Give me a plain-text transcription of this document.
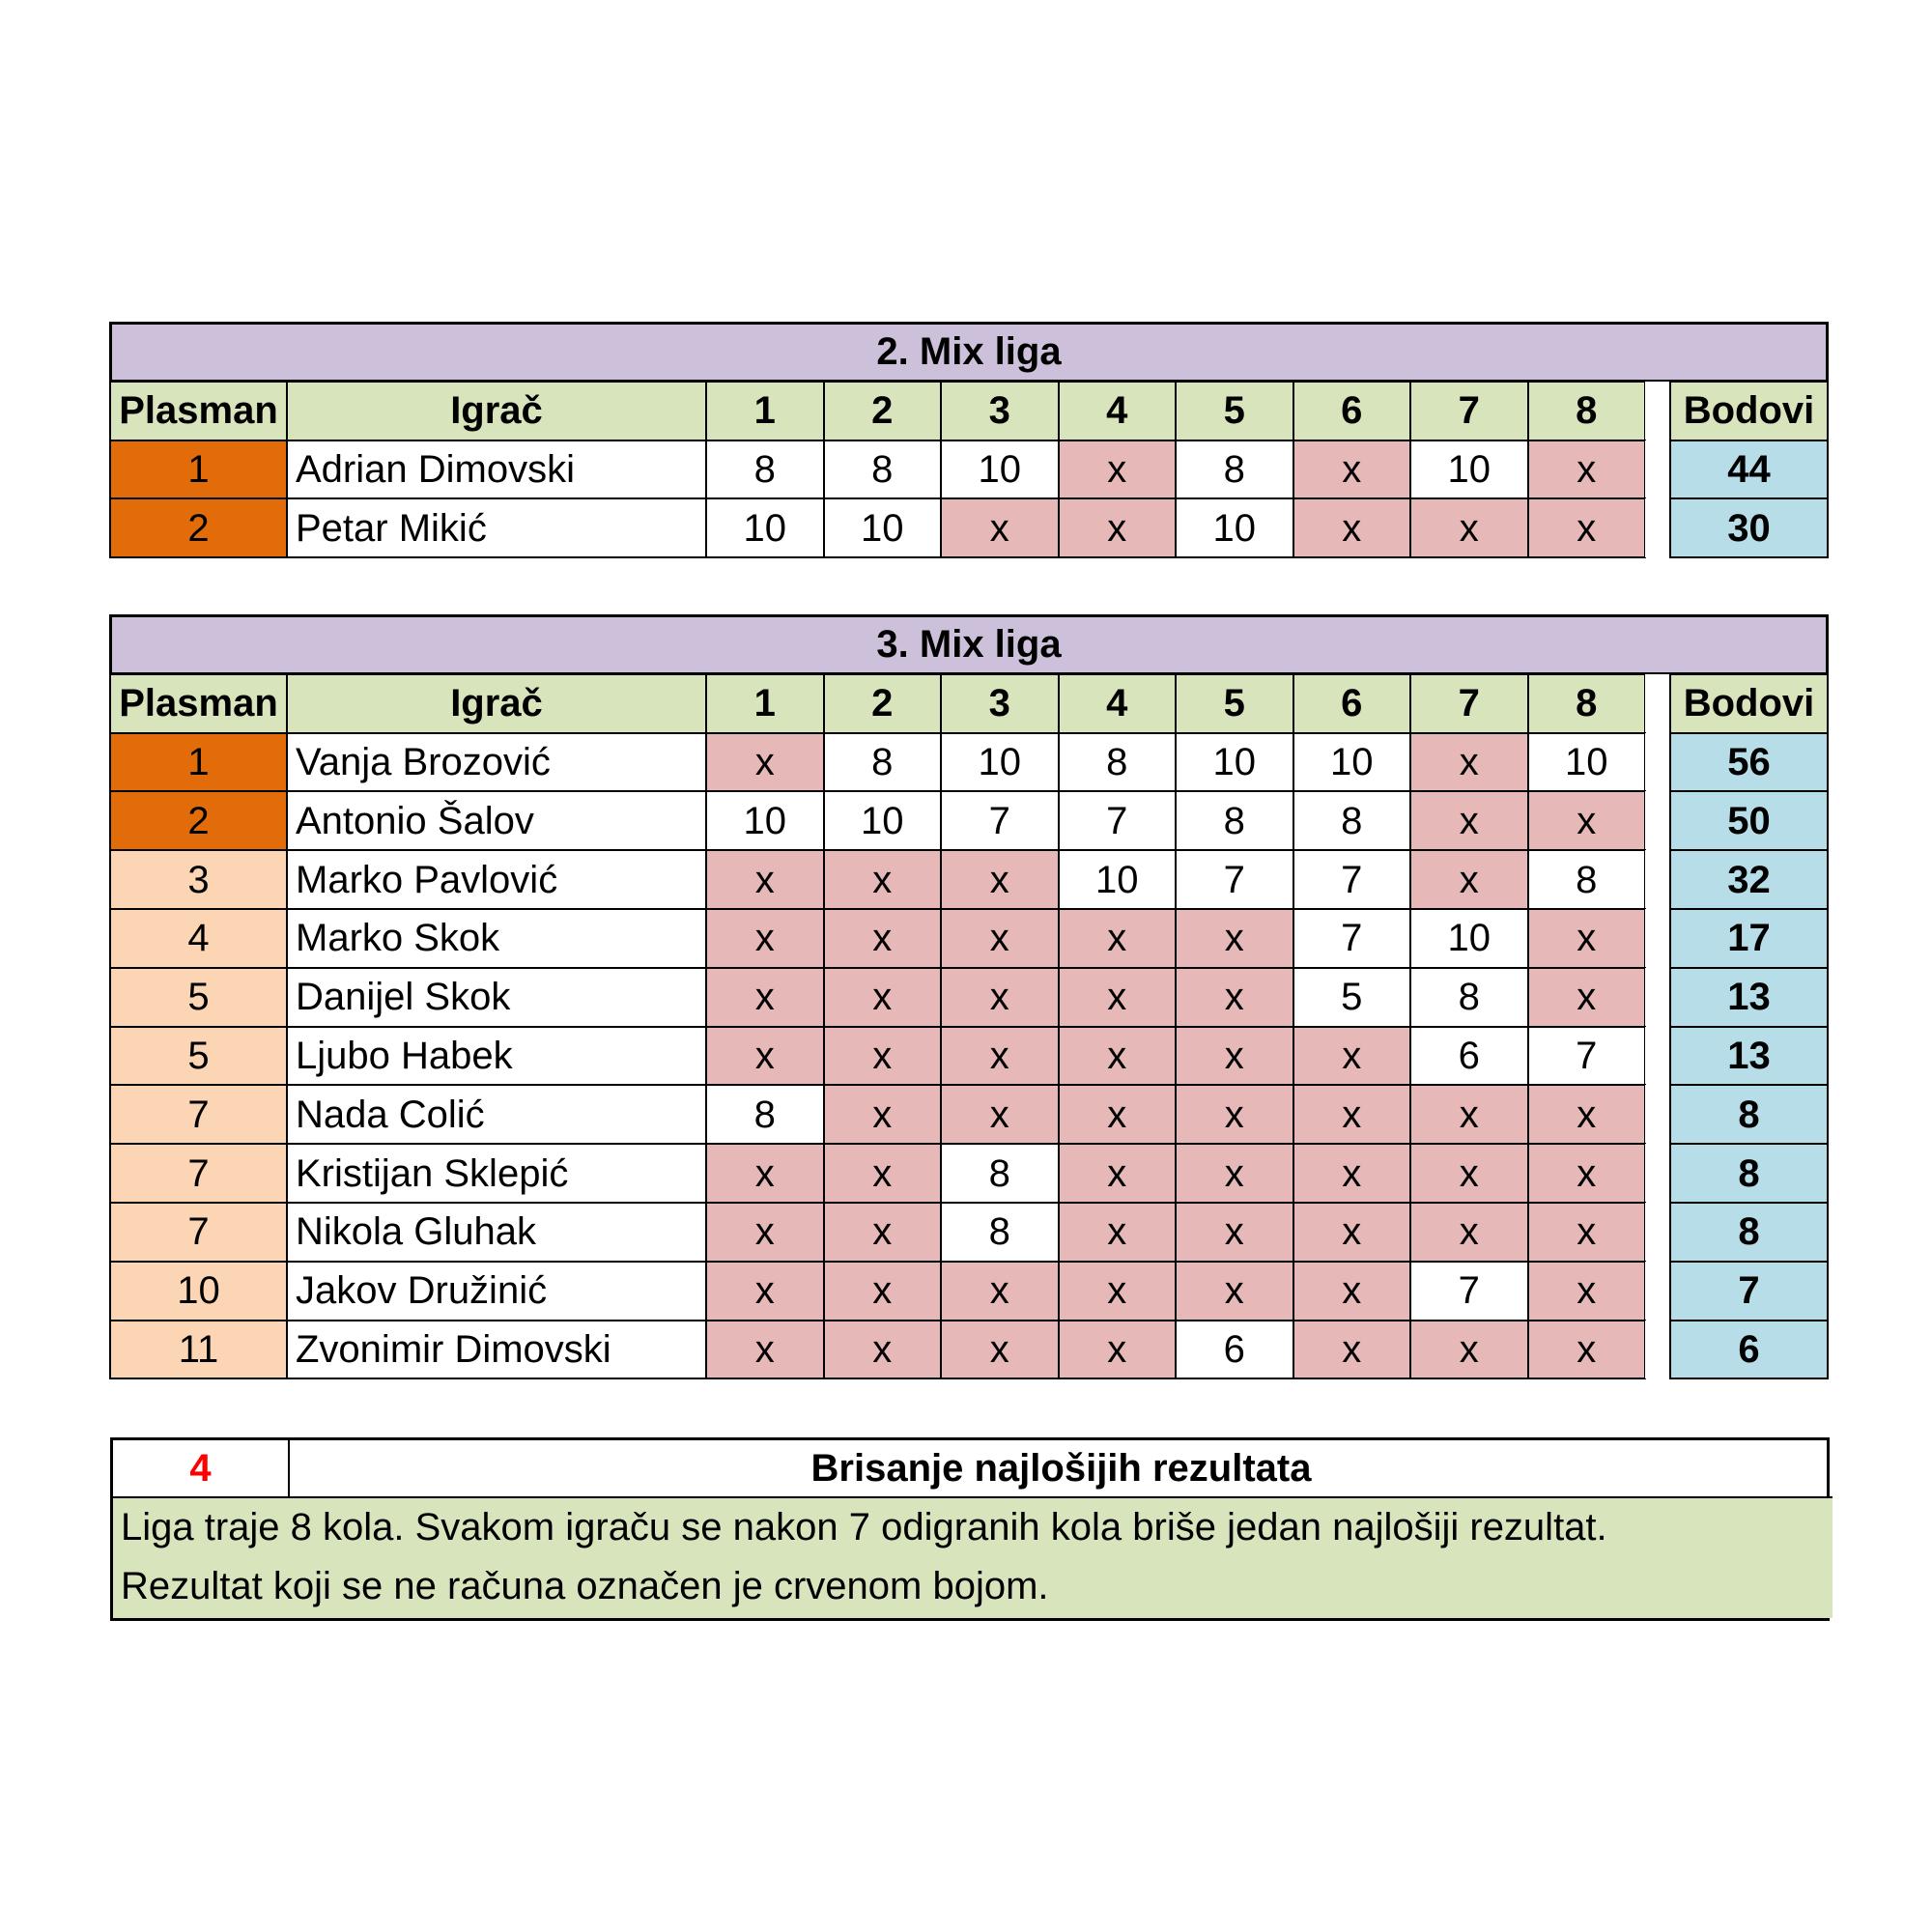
2. Mix liga
Plasman	Igrač	1	2	3	4	5	6	7	8	Bodovi
1	Adrian Dimovski	8	8	10	x	8	x	10	x	44
2	Petar Mikić	10	10	x	x	10	x	x	x	30
3. Mix liga
Plasman	Igrač	1	2	3	4	5	6	7	8	Bodovi
1	Vanja Brozović	x	8	10	8	10	10	x	10	56
2	Antonio Šalov	10	10	7	7	8	8	x	x	50
3	Marko Pavlović	x	x	x	10	7	7	x	8	32
4	Marko Skok	x	x	x	x	x	7	10	x	17
5	Danijel Skok	x	x	x	x	x	5	8	x	13
5	Ljubo Habek	x	x	x	x	x	x	6	7	13
7	Nada Colić	8	x	x	x	x	x	x	x	8
7	Kristijan Sklepić	x	x	8	x	x	x	x	x	8
7	Nikola Gluhak	x	x	8	x	x	x	x	x	8
10	Jakov Družinić	x	x	x	x	x	x	7	x	7
11	Zvonimir Dimovski	x	x	x	x	6	x	x	x	6
4	Brisanje najlošijih rezultata
Liga traje 8 kola. Svakom igraču se nakon 7 odigranih kola briše jedan najlošiji rezultat.
Rezultat koji se ne računa označen je crvenom bojom.
